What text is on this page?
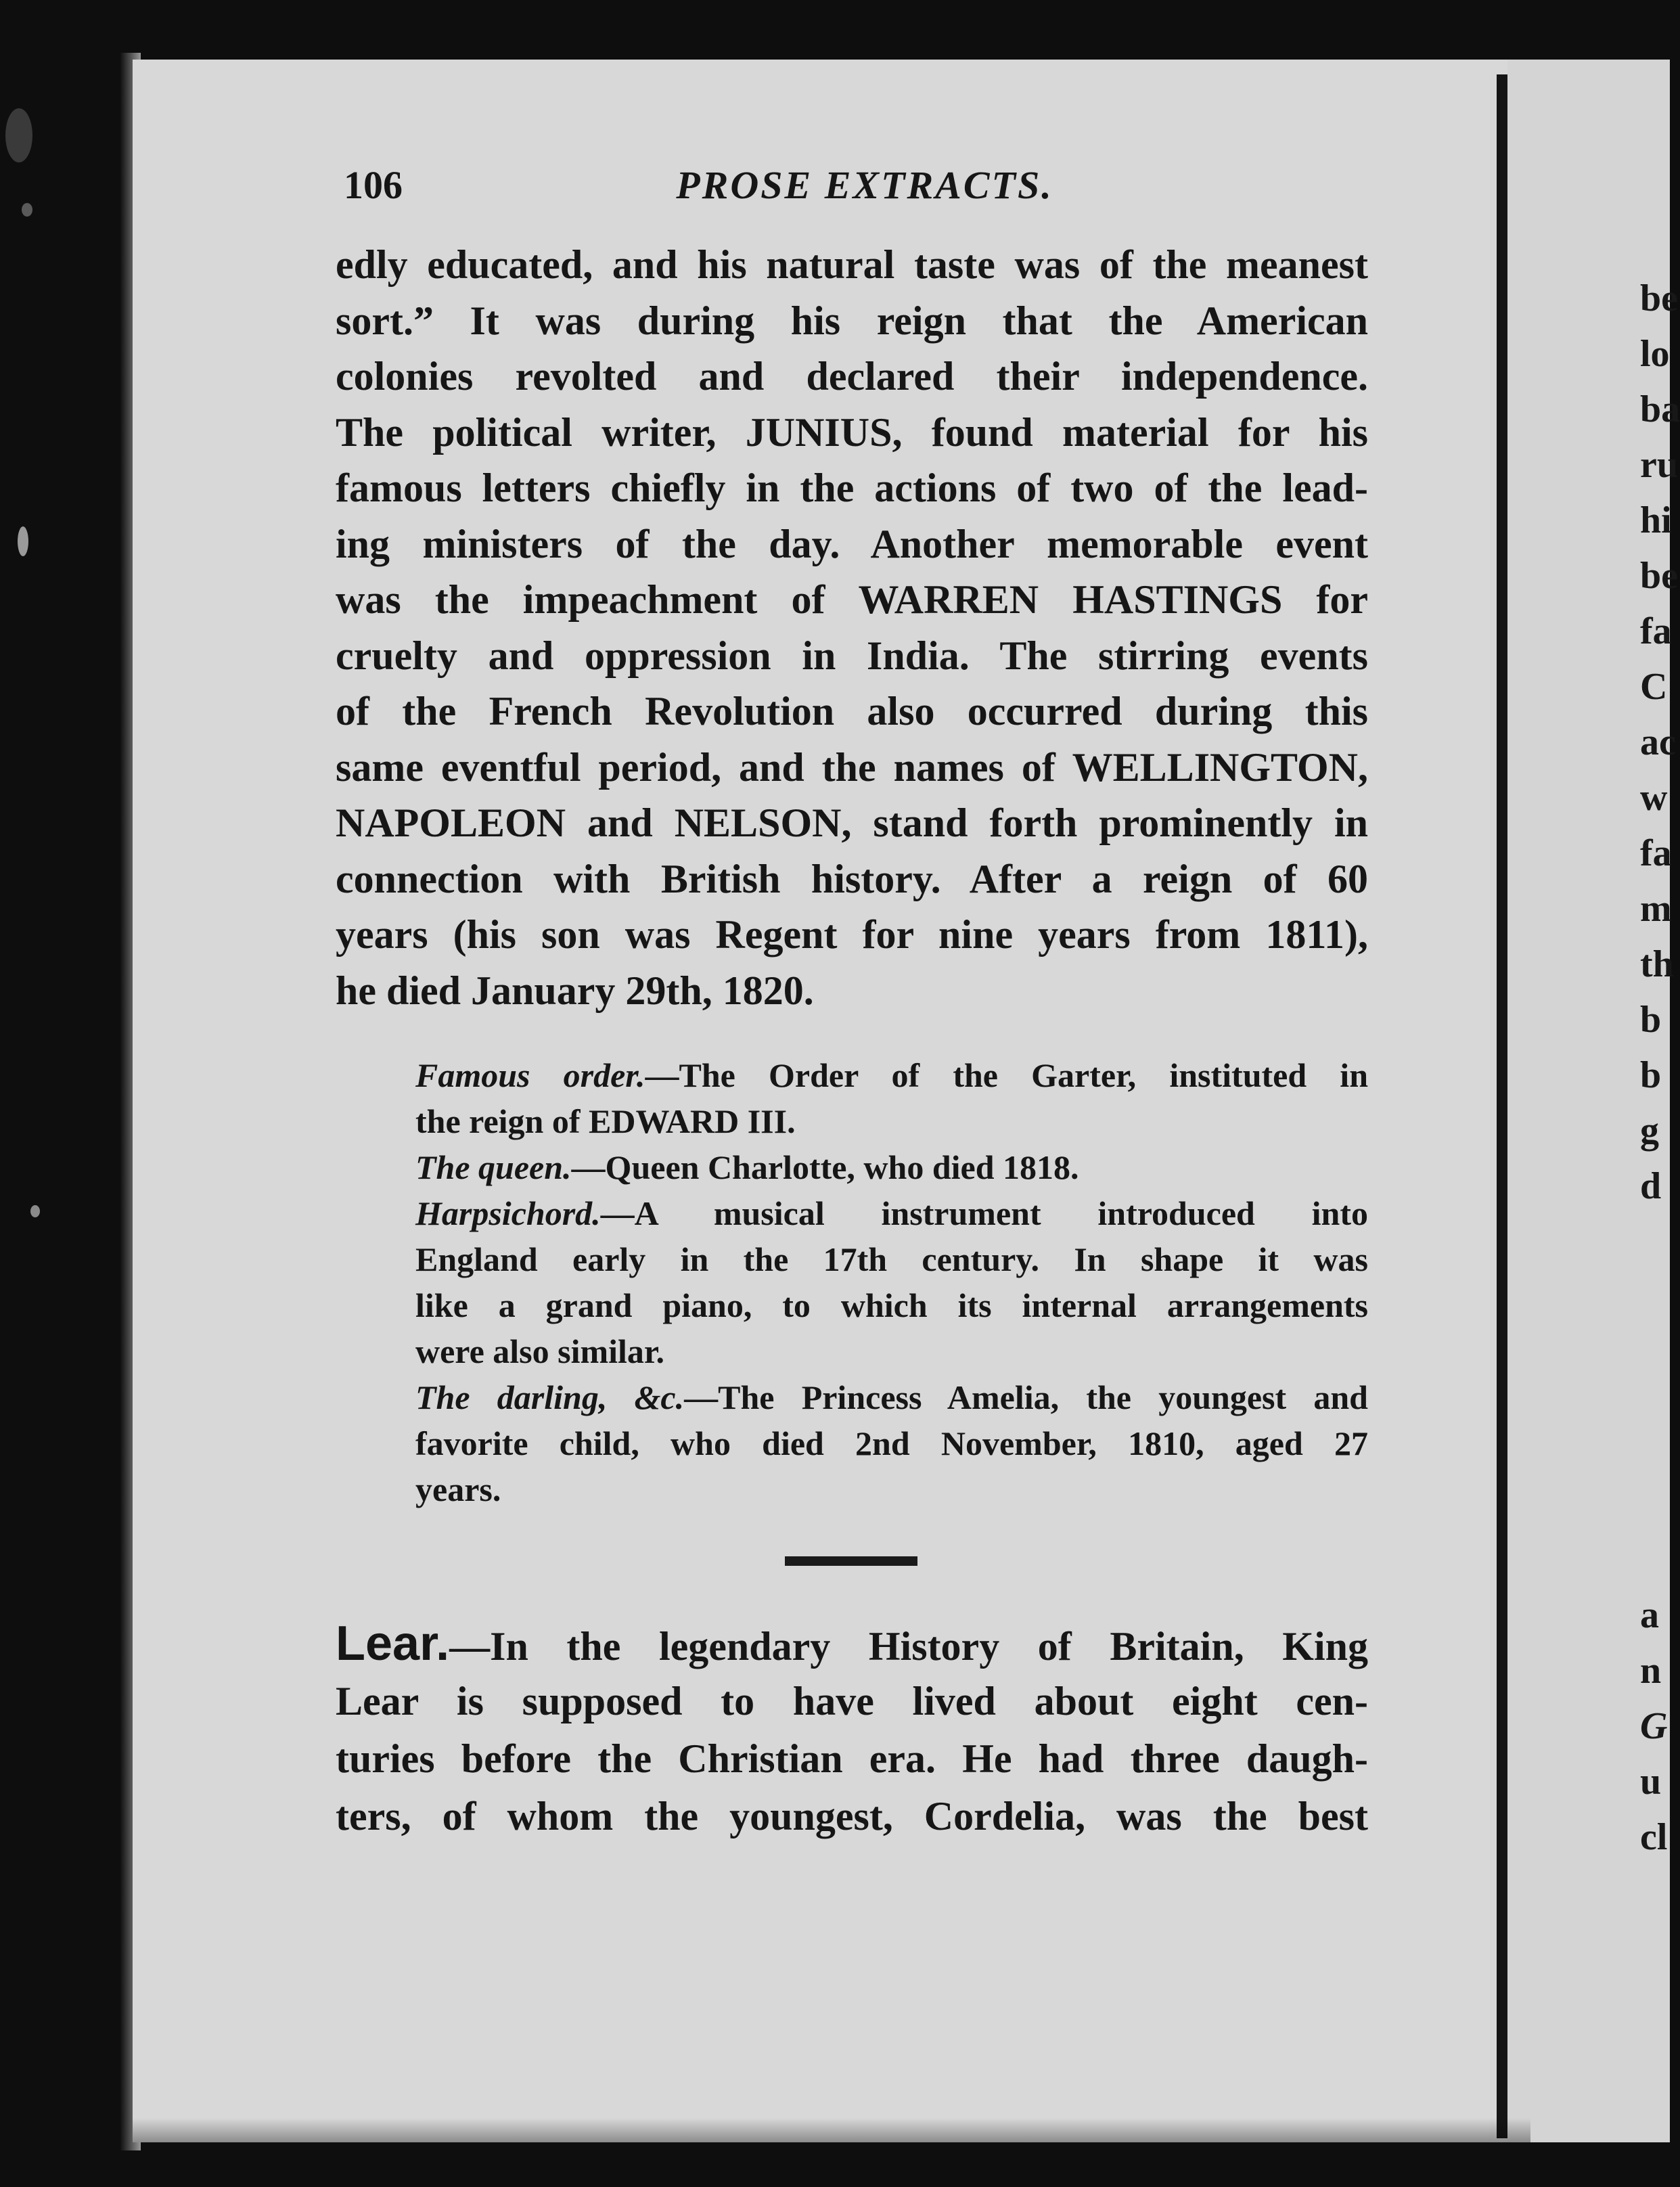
106	PROSE EXTRACTS.
edly educated, and his natural taste was of the meanest
sort.” It was during his reign that the American
colonies revolted and declared their independence.
The political writer, JUNIUS, found material for his
famous letters chiefly in the actions of two of the lead-
ing ministers of the day. Another memorable event
was the impeachment of WARREN HASTINGS for
cruelty and oppression in India. The stirring events
of the French Revolution also occurred during this
same eventful period, and the names of WELLINGTON,
NAPOLEON and NELSON, stand forth prominently in
connection with British history. After a reign of 60
years (his son was Regent for nine years from 1811),
he died January 29th, 1820.
Famous order.—The Order of the Garter, instituted in
the reign of EDWARD III.
The queen.—Queen Charlotte, who died 1818.
Harpsichord.—A musical instrument introduced into
England early in the 17th century. In shape it was
like a grand piano, to which its internal arrangements
were also similar.
The darling, &c.—The Princess Amelia, the youngest and
favorite child, who died 2nd November, 1810, aged 27
years.
Lear.—In the legendary History of Britain, King
Lear is supposed to have lived about eight cen-
turies before the Christian era. He had three daugh-
ters, of whom the youngest, Cordelia, was the best
be
lo
ba
ru
hi
be
fa
C
ac
w
fa
m
th
b
b
g
d
a
n
G
u
cl
